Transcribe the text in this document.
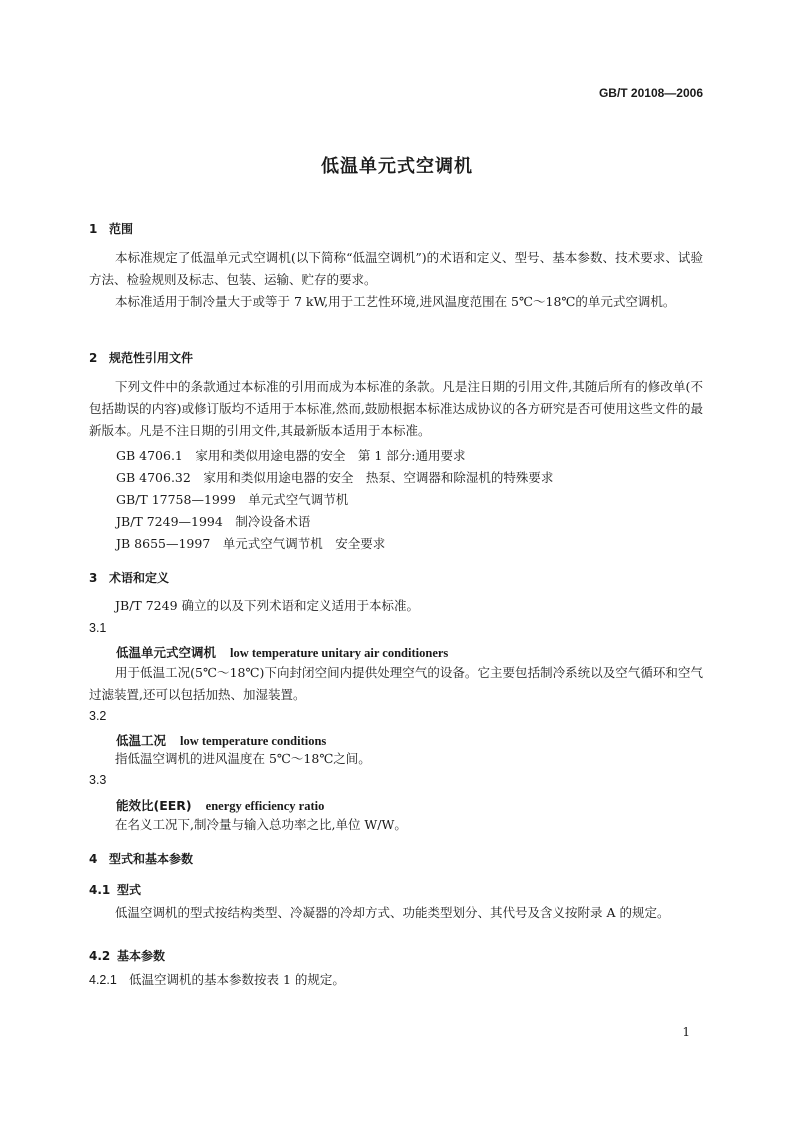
GB/T 20108—2006
低温单元式空调机
1 范围
本标准规定了低温单元式空调机(以下简称“低温空调机”)的术语和定义、型号、基本参数、技术要求、试验方法、检验规则及标志、包装、运输、贮存的要求。
本标准适用于制冷量大于或等于 7 kW,用于工艺性环境,进风温度范围在 5℃～18℃的单元式空调机。
2 规范性引用文件
下列文件中的条款通过本标准的引用而成为本标准的条款。凡是注日期的引用文件,其随后所有的修改单(不包括勘误的内容)或修订版均不适用于本标准,然而,鼓励根据本标准达成协议的各方研究是否可使用这些文件的最新版本。凡是不注日期的引用文件,其最新版本适用于本标准。
GB 4706.1　家用和类似用途电器的安全　第 1 部分:通用要求
GB 4706.32　家用和类似用途电器的安全　热泵、空调器和除湿机的特殊要求
GB/T 17758—1999　单元式空气调节机
JB/T 7249—1994　制冷设备术语
JB 8655—1997　单元式空气调节机　安全要求
3 术语和定义
JB/T 7249 确立的以及下列术语和定义适用于本标准。
3.1
低温单元式空调机 low temperature unitary air conditioners
用于低温工况(5℃～18℃)下向封闭空间内提供处理空气的设备。它主要包括制冷系统以及空气循环和空气过滤装置,还可以包括加热、加湿装置。
3.2
低温工况 low temperature conditions
指低温空调机的进风温度在 5℃～18℃之间。
3.3
能效比(EER) energy efficiency ratio
在名义工况下,制冷量与输入总功率之比,单位 W/W。
4 型式和基本参数
4.1 型式
低温空调机的型式按结构类型、冷凝器的冷却方式、功能类型划分、其代号及含义按附录 A 的规定。
4.2 基本参数
4.2.1 低温空调机的基本参数按表 1 的规定。
1
